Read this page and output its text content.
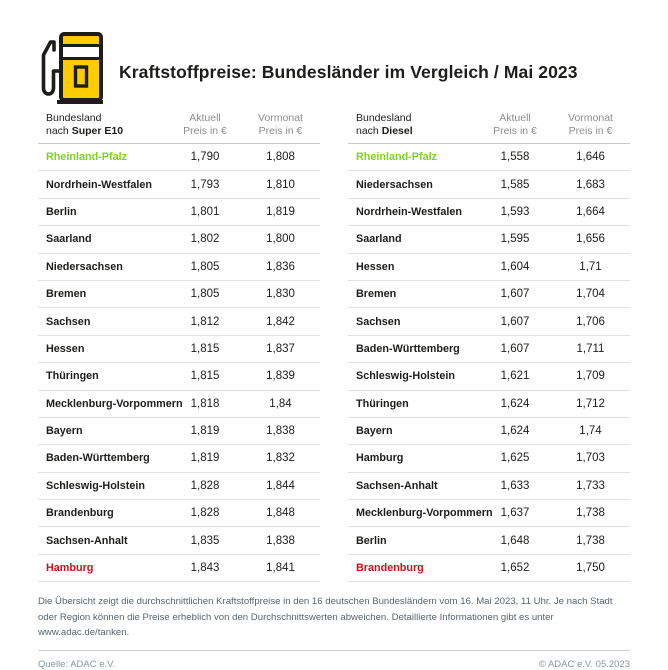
Kraftstoffpreise: Bundesländer im Vergleich / Mai 2023
Bundesland
nach Super E10
Aktuell
Preis in €
Vormonat
Preis in €
Rheinland-Pfalz	1,790	1,808
Nordrhein-Westfalen	1,793	1,810
Berlin	1,801	1,819
Saarland	1,802	1,800
Niedersachsen	1,805	1,836
Bremen	1,805	1,830
Sachsen	1,812	1,842
Hessen	1,815	1,837
Thüringen	1,815	1,839
Mecklenburg-Vorpommern 1,818	1,84
Bayern	1,819	1,838
Baden-Württemberg	1,819	1,832
Schleswig-Holstein	1,828	1,844
Brandenburg	1,828	1,848
Sachsen-Anhalt	1,835	1,838
Hamburg	1,843	1,841
Bundesland
nach Diesel
Aktuell
Preis in €
Vormonat
Preis in €
Rheinland-Pfalz	1,558	1,646
Niedersachsen	1,585	1,683
Nordrhein-Westfalen	1,593	1,664
Saarland	1,595	1,656
Hessen	1,604	1,71
Bremen	1,607	1,704
Sachsen	1,607	1,706
Baden-Württemberg	1,607	1,711
Schleswig-Holstein	1,621	1,709
Thüringen	1,624	1,712
Bayern	1,624	1,74
Hamburg	1,625	1,703
Sachsen-Anhalt	1,633	1,733
Mecklenburg-Vorpommern 1,637	1,738
Berlin	1,648	1,738
Brandenburg	1,652	1,750
Die Übersicht zeigt die durchschnittlichen Kraftstoffpreise in den 16 deutschen Bundesländern vom 16. Mai 2023, 11 Uhr. Je nach Stadt oder Region können die Preise erheblich von den Durchschnittswerten abweichen. Detaillierte Informationen gibt es unter www.adac.de/tanken.
Quelle: ADAC e.V.	© ADAC e.V. 05.2023
